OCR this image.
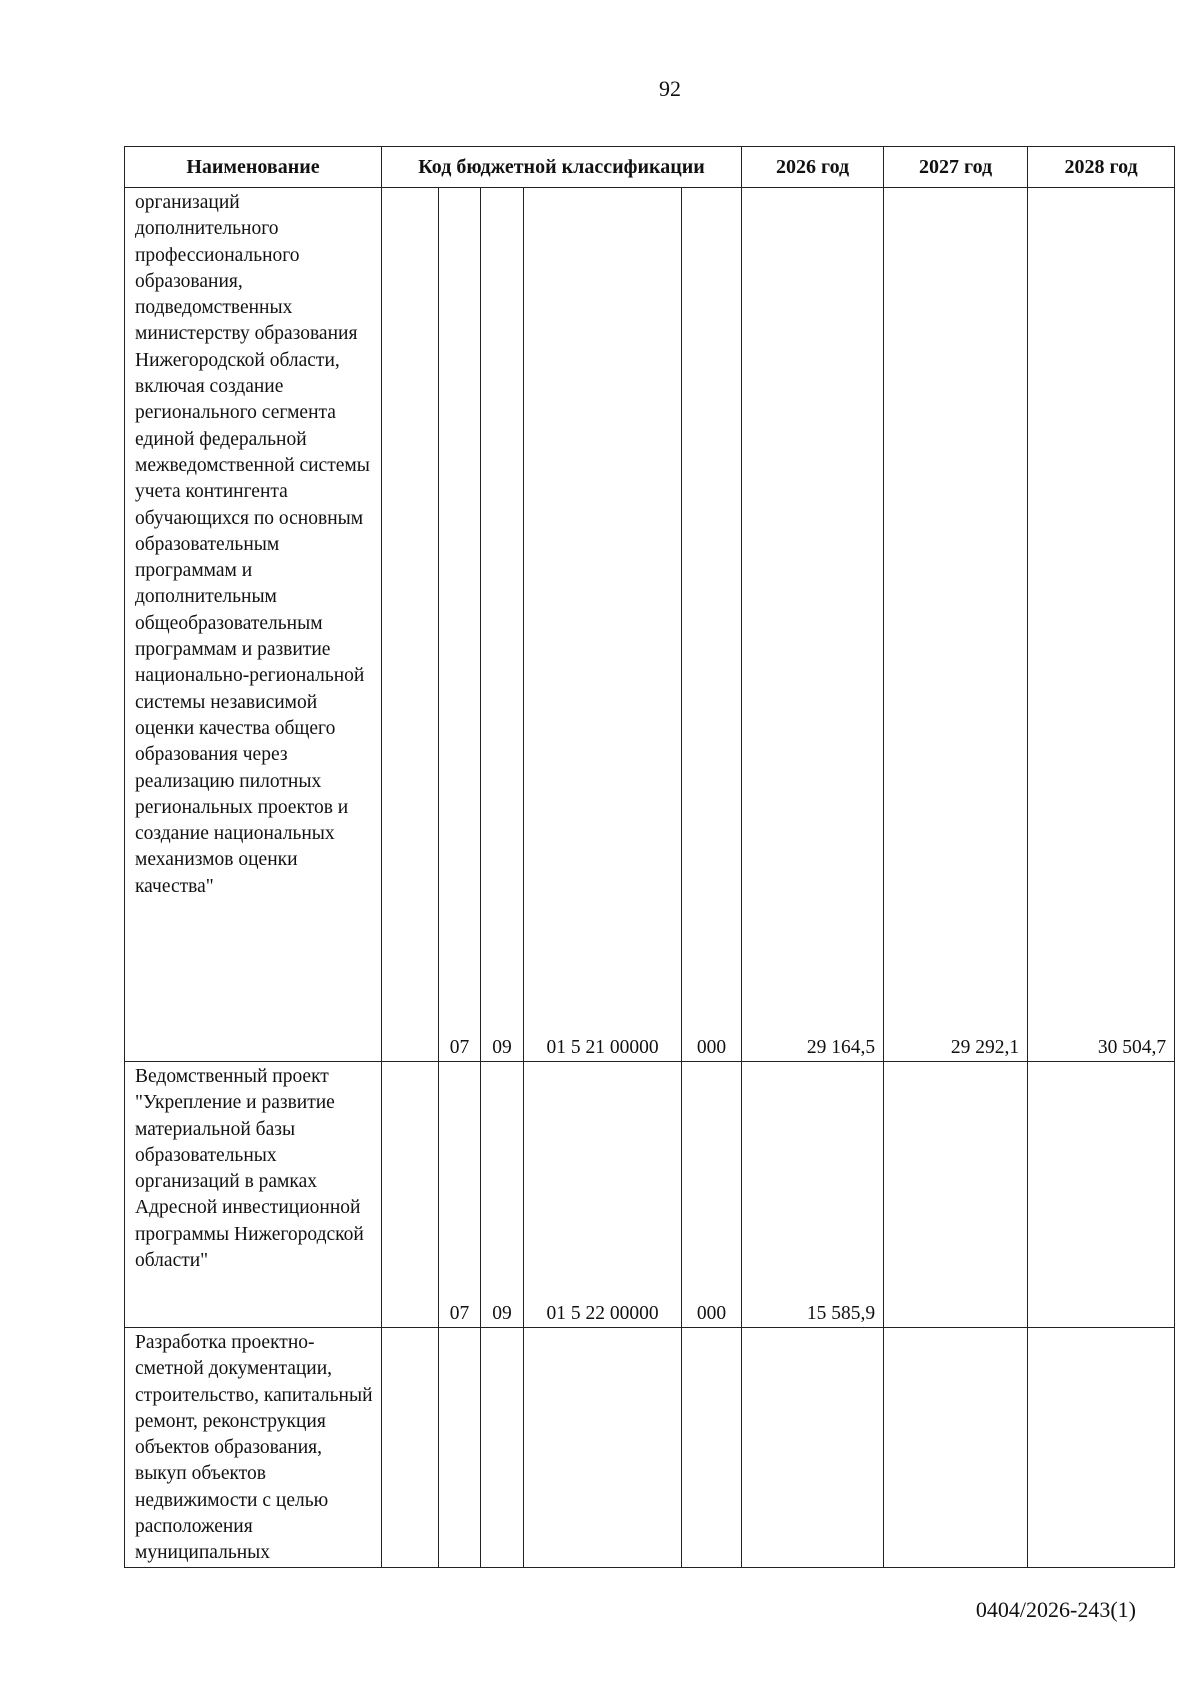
92
Наименование	Код бюджетной классификации					2026 год	2027 год	2028 год
организаций дополнительного профессионального образования, подведомственных министерству образования Нижегородской области, включая создание регионального сегмента единой федеральной межведомственной системы учета контингента обучающихся по основным образовательным программам и дополнительным общеобразовательным программам и развитие национально-региональной системы независимой оценки качества общего образования через реализацию пилотных региональных проектов и создание национальных механизмов оценки качества"		07	09	01 5 21 00000	000	29 164,5	29 292,1	30 504,7
Ведомственный проект "Укрепление и развитие материальной базы образовательных организаций в рамках Адресной инвестиционной программы Нижегородской области"		07	09	01 5 22 00000	000	15 585,9		
Разработка проектно-сметной документации, строительство, капитальный ремонт, реконструкция объектов образования, выкуп объектов недвижимости с целью расположения муниципальных								
0404/2026-243(1)
